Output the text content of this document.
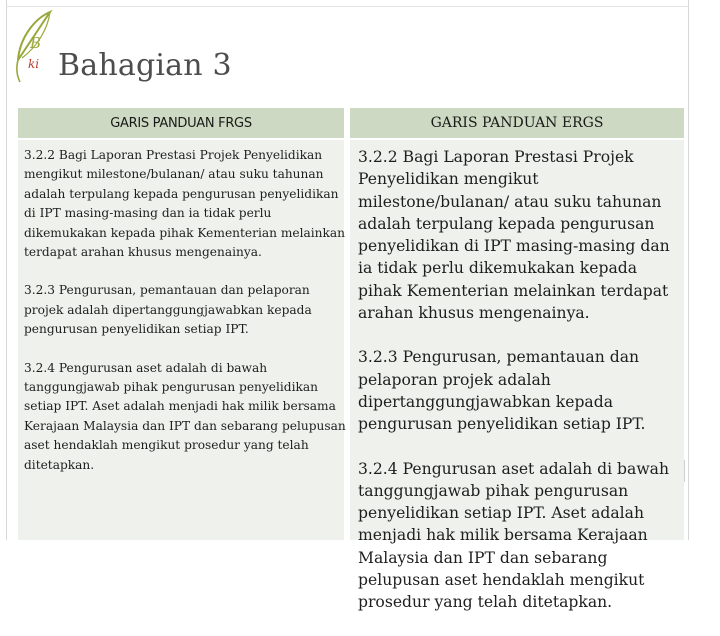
B
ki Bahagian 3
GARIS PANDUAN FRGS	GARIS PANDUAN ERGS

3.2.2 Bagi Laporan Prestasi Projek Penyelidikan mengikut milestone/bulanan/ atau suku tahunan adalah terpulang kepada pengurusan penyelidikan di IPT masing-masing dan ia tidak perlu dikemukakan kepada pihak Kementerian melainkan terdapat arahan khusus mengenainya.

3.2.3 Pengurusan, pemantauan dan pelaporan projek adalah dipertanggungjawabkan kepada pengurusan penyelidikan setiap IPT.

3.2.4 Pengurusan aset adalah di bawah tanggungjawab pihak pengurusan penyelidikan setiap IPT. Aset adalah menjadi hak milik bersama Kerajaan Malaysia dan IPT dan sebarang pelupusan aset hendaklah mengikut prosedur yang telah ditetapkan.

3.2.2 Bagi Laporan Prestasi Projek Penyelidikan mengikut milestone/bulanan/ atau suku tahunan adalah terpulang kepada pengurusan penyelidikan di IPT masing-masing dan ia tidak perlu dikemukakan kepada pihak Kementerian melainkan terdapat arahan khusus mengenainya.

3.2.3 Pengurusan, pemantauan dan pelaporan projek adalah dipertanggungjawabkan kepada pengurusan penyelidikan setiap IPT.

3.2.4 Pengurusan aset adalah di bawah tanggungjawab pihak pengurusan penyelidikan setiap IPT. Aset adalah menjadi hak milik bersama Kerajaan Malaysia dan IPT dan sebarang pelupusan aset hendaklah mengikut prosedur yang telah ditetapkan.
